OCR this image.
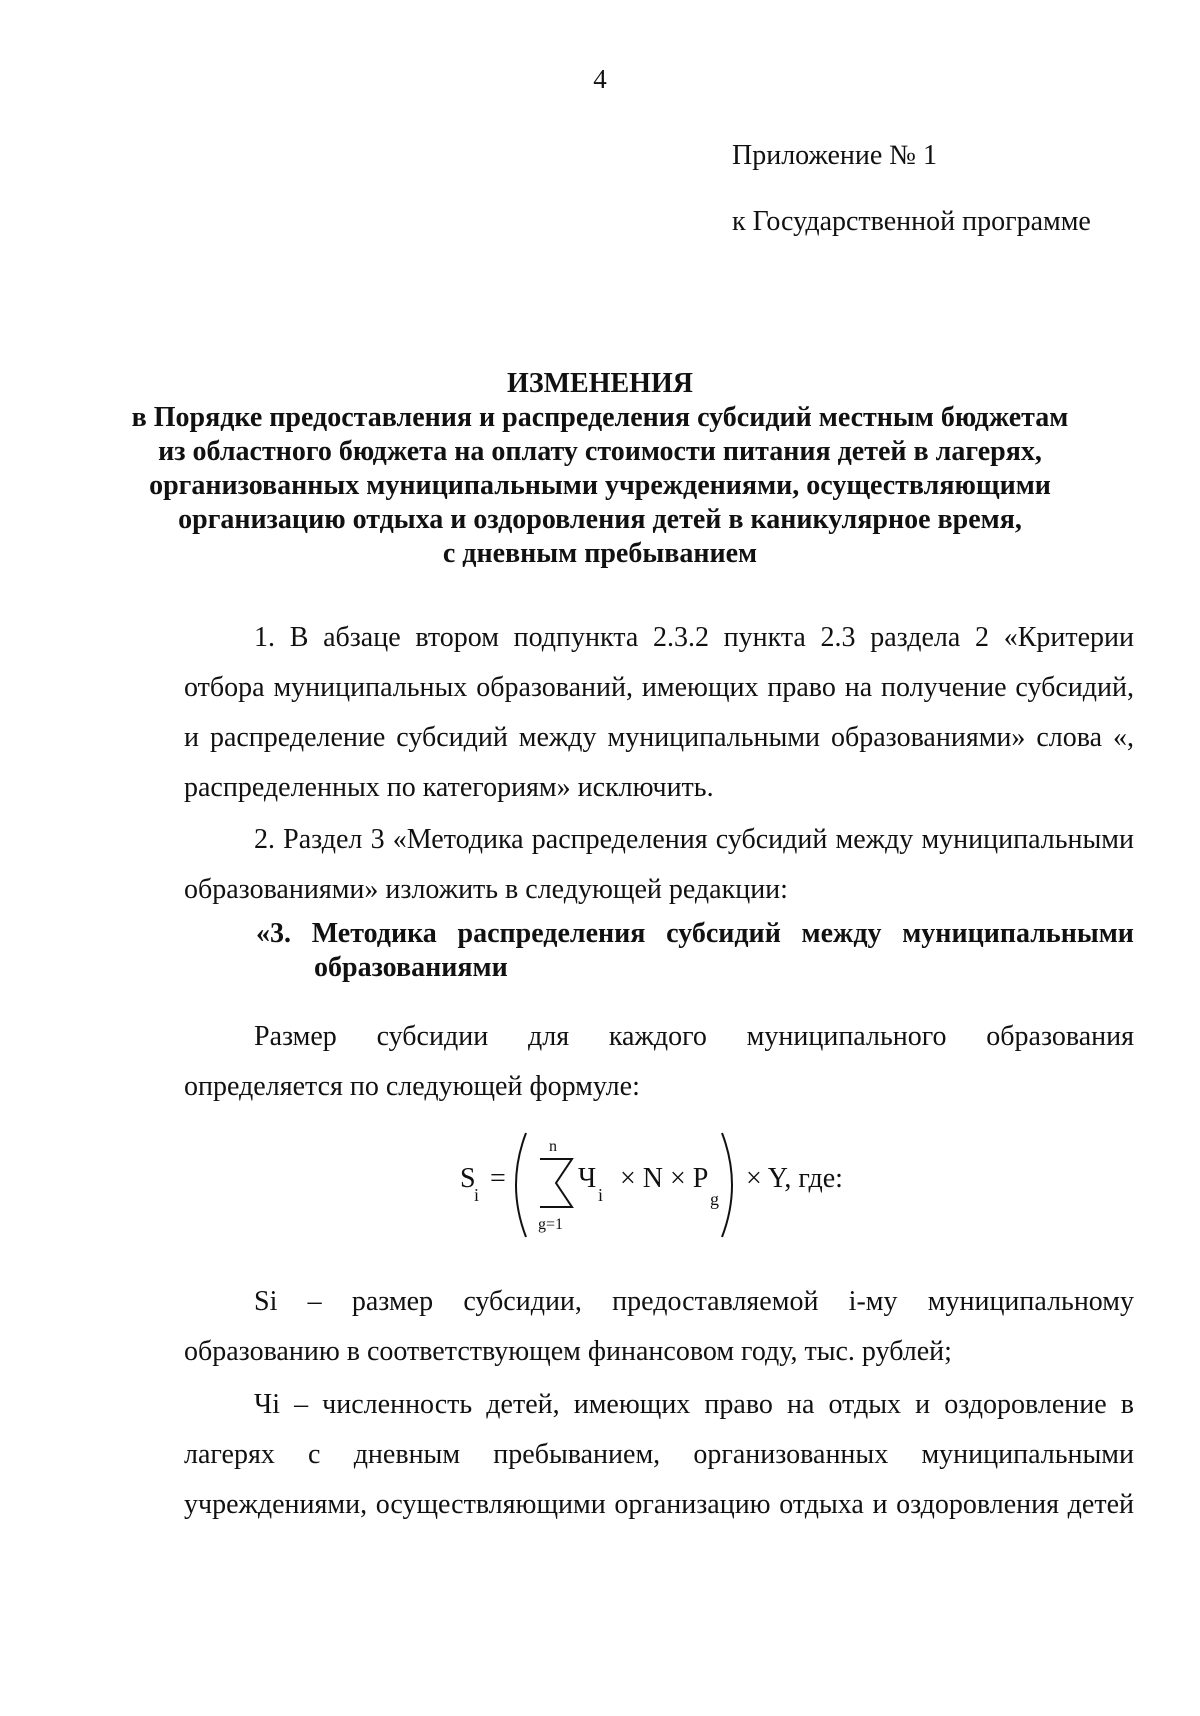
4
Приложение № 1
к Государственной программе
ИЗМЕНЕНИЯ
в Порядке предоставления и распределения субсидий местным бюджетам
из областного бюджета на оплату стоимости питания детей в лагерях,
организованных муниципальными учреждениями, осуществляющими
организацию отдыха и оздоровления детей в каникулярное время,
с дневным пребыванием
1. В абзаце втором подпункта 2.3.2 пункта 2.3 раздела 2 «Критерии отбора муниципальных образований, имеющих право на получение субсидий, и распределение субсидий между муниципальными образованиями» слова «, распределенных по категориям» исключить.
2. Раздел 3 «Методика распределения субсидий между муниципальными образованиями» изложить в следующей редакции:
«3. Методика распределения субсидий между муниципальными
образованиями
Размер субсидии для каждого муниципального образования определяется по следующей формуле:
S
i
=
n
g=1
Ч
i
× N × P
g
× Y, где:
Si – размер субсидии, предоставляемой i-му муниципальному образованию в соответствующем финансовом году, тыс. рублей;
Чi – численность детей, имеющих право на отдых и оздоровление в лагерях с дневным пребыванием, организованных муниципальными учреждениями, осуществляющими организацию отдыха и оздоровления детей
